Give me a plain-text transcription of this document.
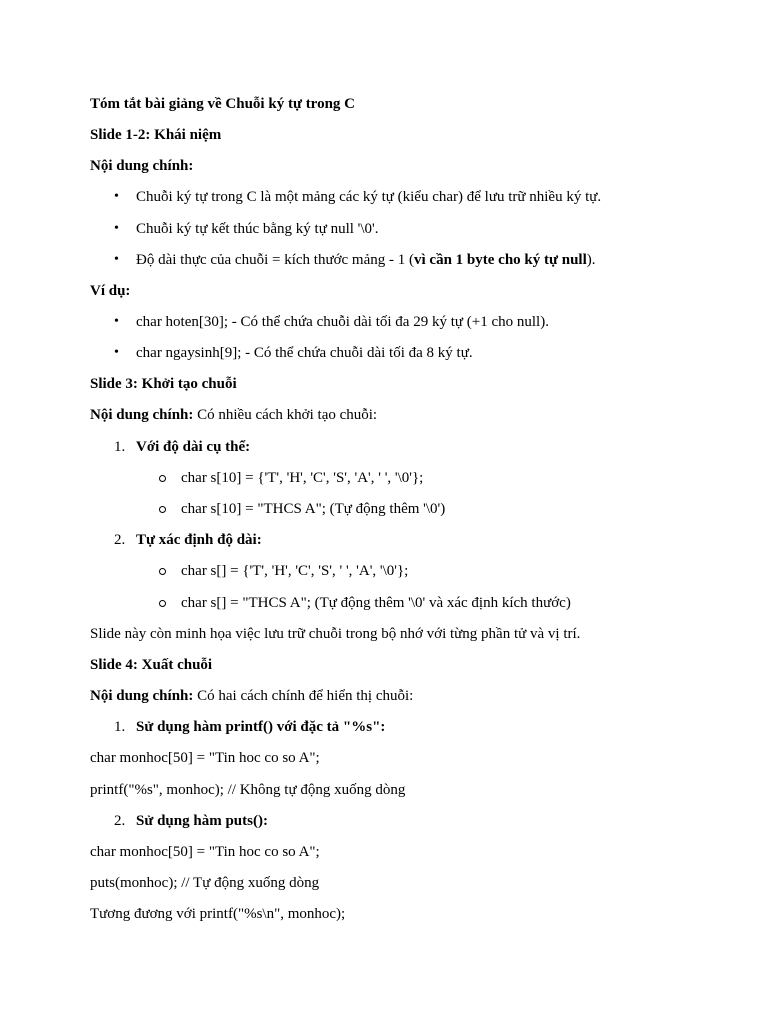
Tóm tắt bài giảng về Chuỗi ký tự trong C
Slide 1-2: Khái niệm
Nội dung chính:
• Chuỗi ký tự trong C là một mảng các ký tự (kiểu char) để lưu trữ nhiều ký tự.
• Chuỗi ký tự kết thúc bằng ký tự null '\0'.
• Độ dài thực của chuỗi = kích thước mảng - 1 (vì cần 1 byte cho ký tự null).
Ví dụ:
• char hoten[30]; - Có thể chứa chuỗi dài tối đa 29 ký tự (+1 cho null).
• char ngaysinh[9]; - Có thể chứa chuỗi dài tối đa 8 ký tự.
Slide 3: Khởi tạo chuỗi
Nội dung chính: Có nhiều cách khởi tạo chuỗi:
1. Với độ dài cụ thể:
char s[10] = {'T', 'H', 'C', 'S', 'A', ' ', '\0'};
char s[10] = "THCS A"; (Tự động thêm '\0')
2. Tự xác định độ dài:
char s[] = {'T', 'H', 'C', 'S', ' ', 'A', '\0'};
char s[] = "THCS A"; (Tự động thêm '\0' và xác định kích thước)
Slide này còn minh họa việc lưu trữ chuỗi trong bộ nhớ với từng phần tử và vị trí.
Slide 4: Xuất chuỗi
Nội dung chính: Có hai cách chính để hiển thị chuỗi:
1. Sử dụng hàm printf() với đặc tả "%s":
char monhoc[50] = "Tin hoc co so A";
printf("%s", monhoc); // Không tự động xuống dòng
2. Sử dụng hàm puts():
char monhoc[50] = "Tin hoc co so A";
puts(monhoc); // Tự động xuống dòng
Tương đương với printf("%s\n", monhoc);
